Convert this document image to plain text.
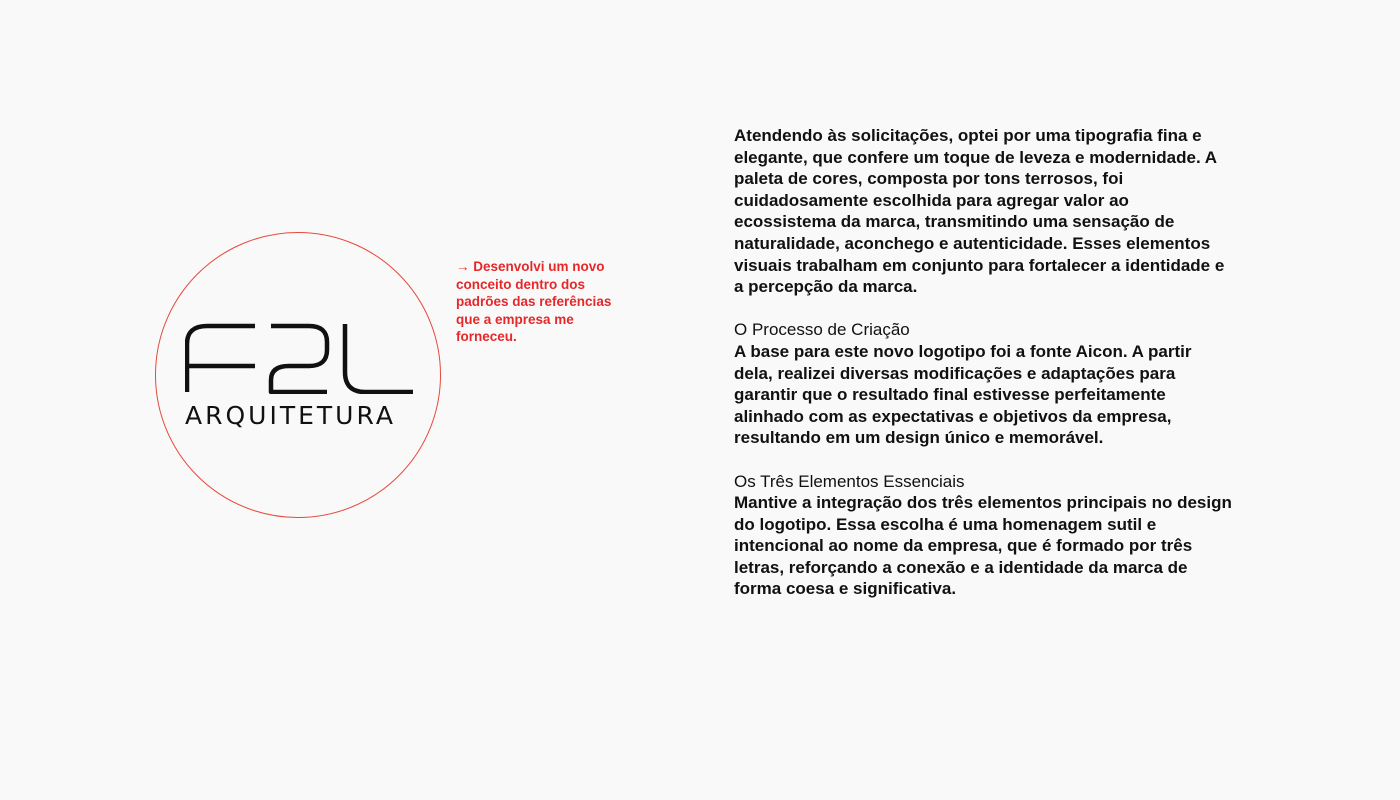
ARQUITETURA
→ Desenvolvi um novo conceito dentro dos padrões das referências que a empresa me forneceu.

Atendendo às solicitações, optei por uma tipografia fina e elegante, que confere um toque de leveza e modernidade. A paleta de cores, composta por tons terrosos, foi cuidadosamente escolhida para agregar valor ao ecossistema da marca, transmitindo uma sensação de naturalidade, aconchego e autenticidade. Esses elementos visuais trabalham em conjunto para fortalecer a identidade e a percepção da marca.

O Processo de Criação
A base para este novo logotipo foi a fonte Aicon. A partir dela, realizei diversas modificações e adaptações para garantir que o resultado final estivesse perfeitamente alinhado com as expectativas e objetivos da empresa, resultando em um design único e memorável.

Os Três Elementos Essenciais
Mantive a integração dos três elementos principais no design do logotipo. Essa escolha é uma homenagem sutil e intencional ao nome da empresa, que é formado por três letras, reforçando a conexão e a identidade da marca de forma coesa e significativa.
